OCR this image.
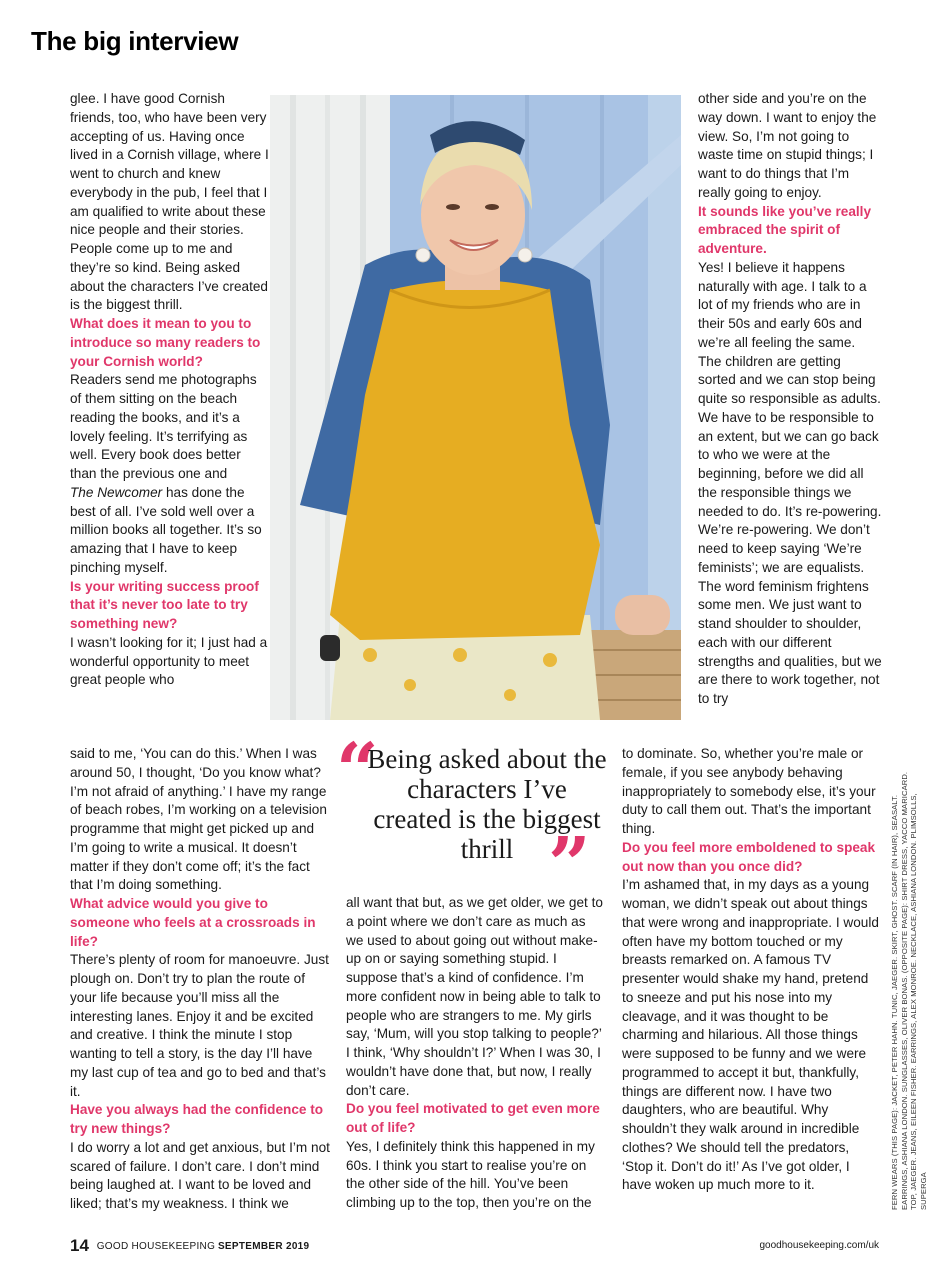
The big interview

glee. I have good Cornish friends, too, who have been very accepting of us. Having once lived in a Cornish village, where I went to church and knew everybody in the pub, I feel that I am qualified to write about these nice people and their stories. People come up to me and they’re so kind. Being asked about the characters I’ve created is the biggest thrill.

What does it mean to you to introduce so many readers to your Cornish world?

Readers send me photographs of them sitting on the beach reading the books, and it’s a lovely feeling. It’s terrifying as well. Every book does better than the previous one and

The Newcomer has done the best of all. I’ve sold well over a million books all together. It’s so amazing that I have to keep pinching myself.

Is your writing success proof that it’s never too late to try something new?

I wasn’t looking for it; I just had a wonderful opportunity to meet great people who

other side and you’re on the way down. I want to enjoy the view. So, I’m not going to waste time on stupid things; I want to do things that I’m really going to enjoy.

It sounds like you’ve really embraced the spirit of adventure.

Yes! I believe it happens naturally with age. I talk to a lot of my friends who are in their 50s and early 60s and we’re all feeling the same. The children are getting sorted and we can stop being quite so responsible as adults. We have to be responsible to an extent, but we can go back to who we were at the beginning, before we did all the responsible things we needed to do. It’s re-powering. We’re re-powering. We don’t need to keep saying ‘We’re feminists’; we are equalists. The word feminism frightens some men. We just want to stand shoulder to shoulder, each with our different strengths and qualities, but we are there to work together, not to try

“
Being asked about the characters I’ve created is the biggest thrill ”

said to me, ‘You can do this.’ When I was around 50, I thought, ‘Do you know what? I’m not afraid of anything.’ I have my range of beach robes, I’m working on a television programme that might get picked up and I’m going to write a musical. It doesn’t matter if they don’t come off; it’s the fact that I’m doing something.

What advice would you give to someone who feels at a crossroads in life?

There’s plenty of room for manoeuvre. Just plough on. Don’t try to plan the route of your life because you’ll miss all the interesting lanes. Enjoy it and be excited and creative. I think the minute I stop wanting to tell a story, is the day I’ll have my last cup of tea and go to bed and that’s it.

Have you always had the confidence to try new things?

I do worry a lot and get anxious, but I’m not scared of failure. I don’t care. I don’t mind being laughed at. I want to be loved and liked; that’s my weakness. I think we

all want that but, as we get older, we get to a point where we don’t care as much as we used to about going out without make-up on or saying something stupid. I suppose that’s a kind of confidence. I’m more confident now in being able to talk to people who are strangers to me. My girls say, ‘Mum, will you stop talking to people?’ I think, ‘Why shouldn’t I?’ When I was 30, I wouldn’t have done that, but now, I really don’t care.

Do you feel motivated to get even more out of life?

Yes, I definitely think this happened in my 60s. I think you start to realise you’re on the other side of the hill. You’ve been climbing up to the top, then you’re on the

to dominate. So, whether you’re male or female, if you see anybody behaving inappropriately to somebody else, it’s your duty to call them out. That’s the important thing.

Do you feel more emboldened to speak out now than you once did?

I’m ashamed that, in my days as a young woman, we didn’t speak out about things that were wrong and inappropriate. I would often have my bottom touched or my breasts remarked on. A famous TV presenter would shake my hand, pretend to sneeze and put his nose into my cleavage, and it was thought to be charming and hilarious. All those things were supposed to be funny and we were programmed to accept it but, thankfully, things are different now. I have two daughters, who are beautiful. Why shouldn’t they walk around in incredible clothes? We should tell the predators, ‘Stop it. Don’t do it!’ As I’ve got older, I have woken up much more to it.	FERN WEARS (THIS PAGE): JACKET, PETER HAHN. TUNIC, JAEGER. SKIRT, GHOST. SCARF (IN HAIR), SEASALT. EARRINGS, ASHIANA LONDON. SUNGLASSES, OLIVER BONAS. (OPPOSITE PAGE): SHIRT DRESS, YACCO MARICARD. TOP, JAEGER. JEANS, EILEEN FISHER. EARRINGS, ALEX MONROE. NECKLACE, ASHIANA LONDON. PLIMSOLLS, SUPERGA
14 GOOD HOUSEKEEPING SEPTEMBER 2019	goodhousekeeping.com/uk
